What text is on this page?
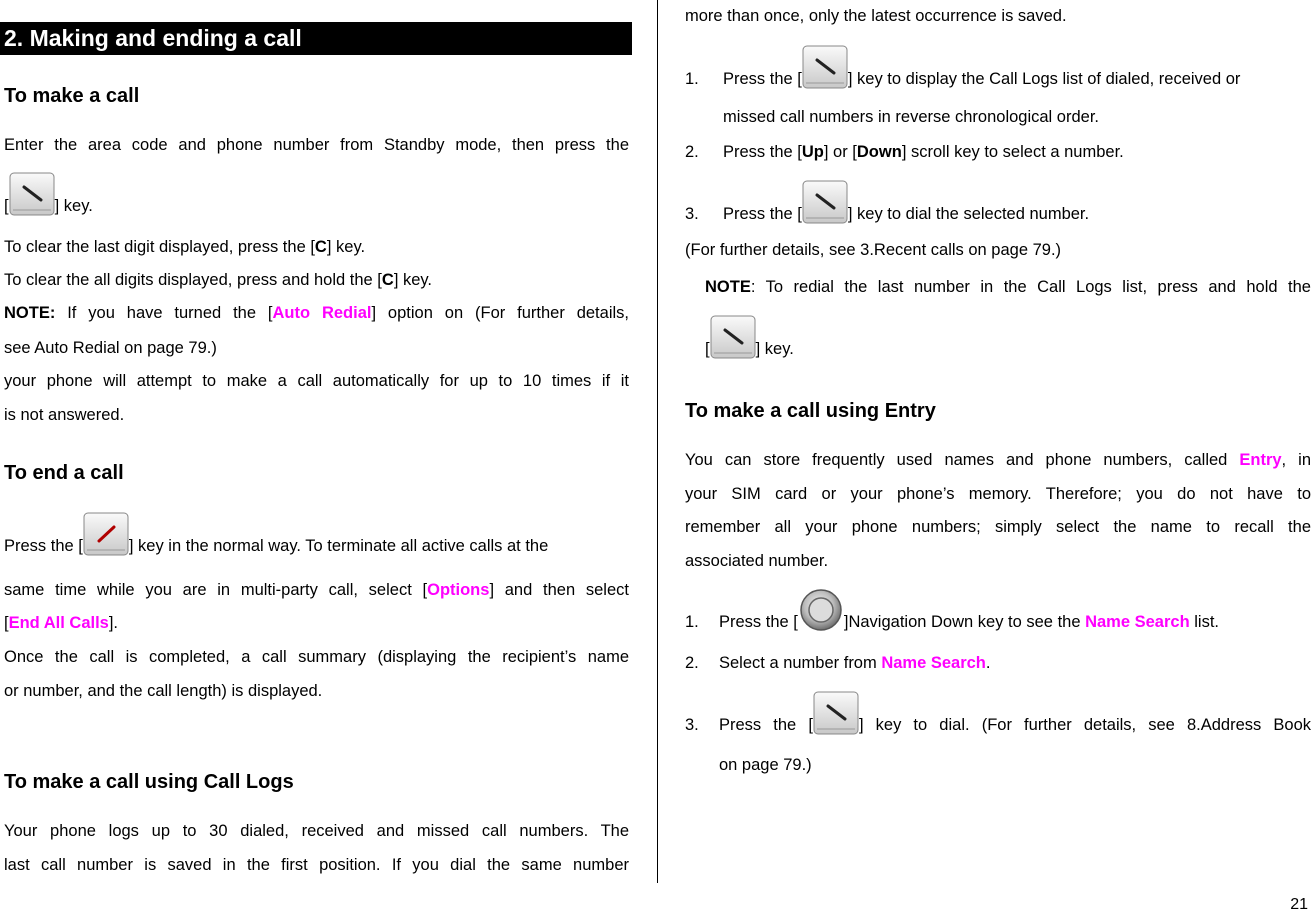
2. Making and ending a call
To make a call
Enter the area code and phone number from Standby mode, then press the
[	] key.
To clear the last digit displayed, press the [C] key.
To clear the all digits displayed, press and hold the [C] key.
NOTE: If you have turned the [Auto Redial] option on (For further details,
see Auto Redial on page 79.)
your phone will attempt to make a call automatically for up to 10 times if it
is not answered.
To end a call
Press the [	] key in the normal way. To terminate all active calls at the
same time while you are in multi-party call, select [Options] and then select
[End All Calls].
Once the call is completed, a call summary (displaying the recipient’s name
or number, and the call length) is displayed.
To make a call using Call Logs
Your phone logs up to 30 dialed, received and missed call numbers. The
last call number is saved in the first position. If you dial the same number
more than once, only the latest occurrence is saved.
1. Press the [	] key to display the Call Logs list of dialed, received or
missed call numbers in reverse chronological order.
2. Press the [Up] or [Down] scroll key to select a number.
3. Press the [	] key to dial the selected number.
(For further details, see 3.Recent calls on page 79.)
NOTE: To redial the last number in the Call Logs list, press and hold the
[	] key.
To make a call using Entry
You can store frequently used names and phone numbers, called Entry, in
your SIM card or your phone’s memory. Therefore; you do not have to
remember all your phone numbers; simply select the name to recall the
associated number.
1. Press the [	]Navigation Down key to see the Name Search list.
2. Select a number from Name Search.
3. Press the [	] key to dial. (For further details, see 8.Address Book
on page 79.)
21
